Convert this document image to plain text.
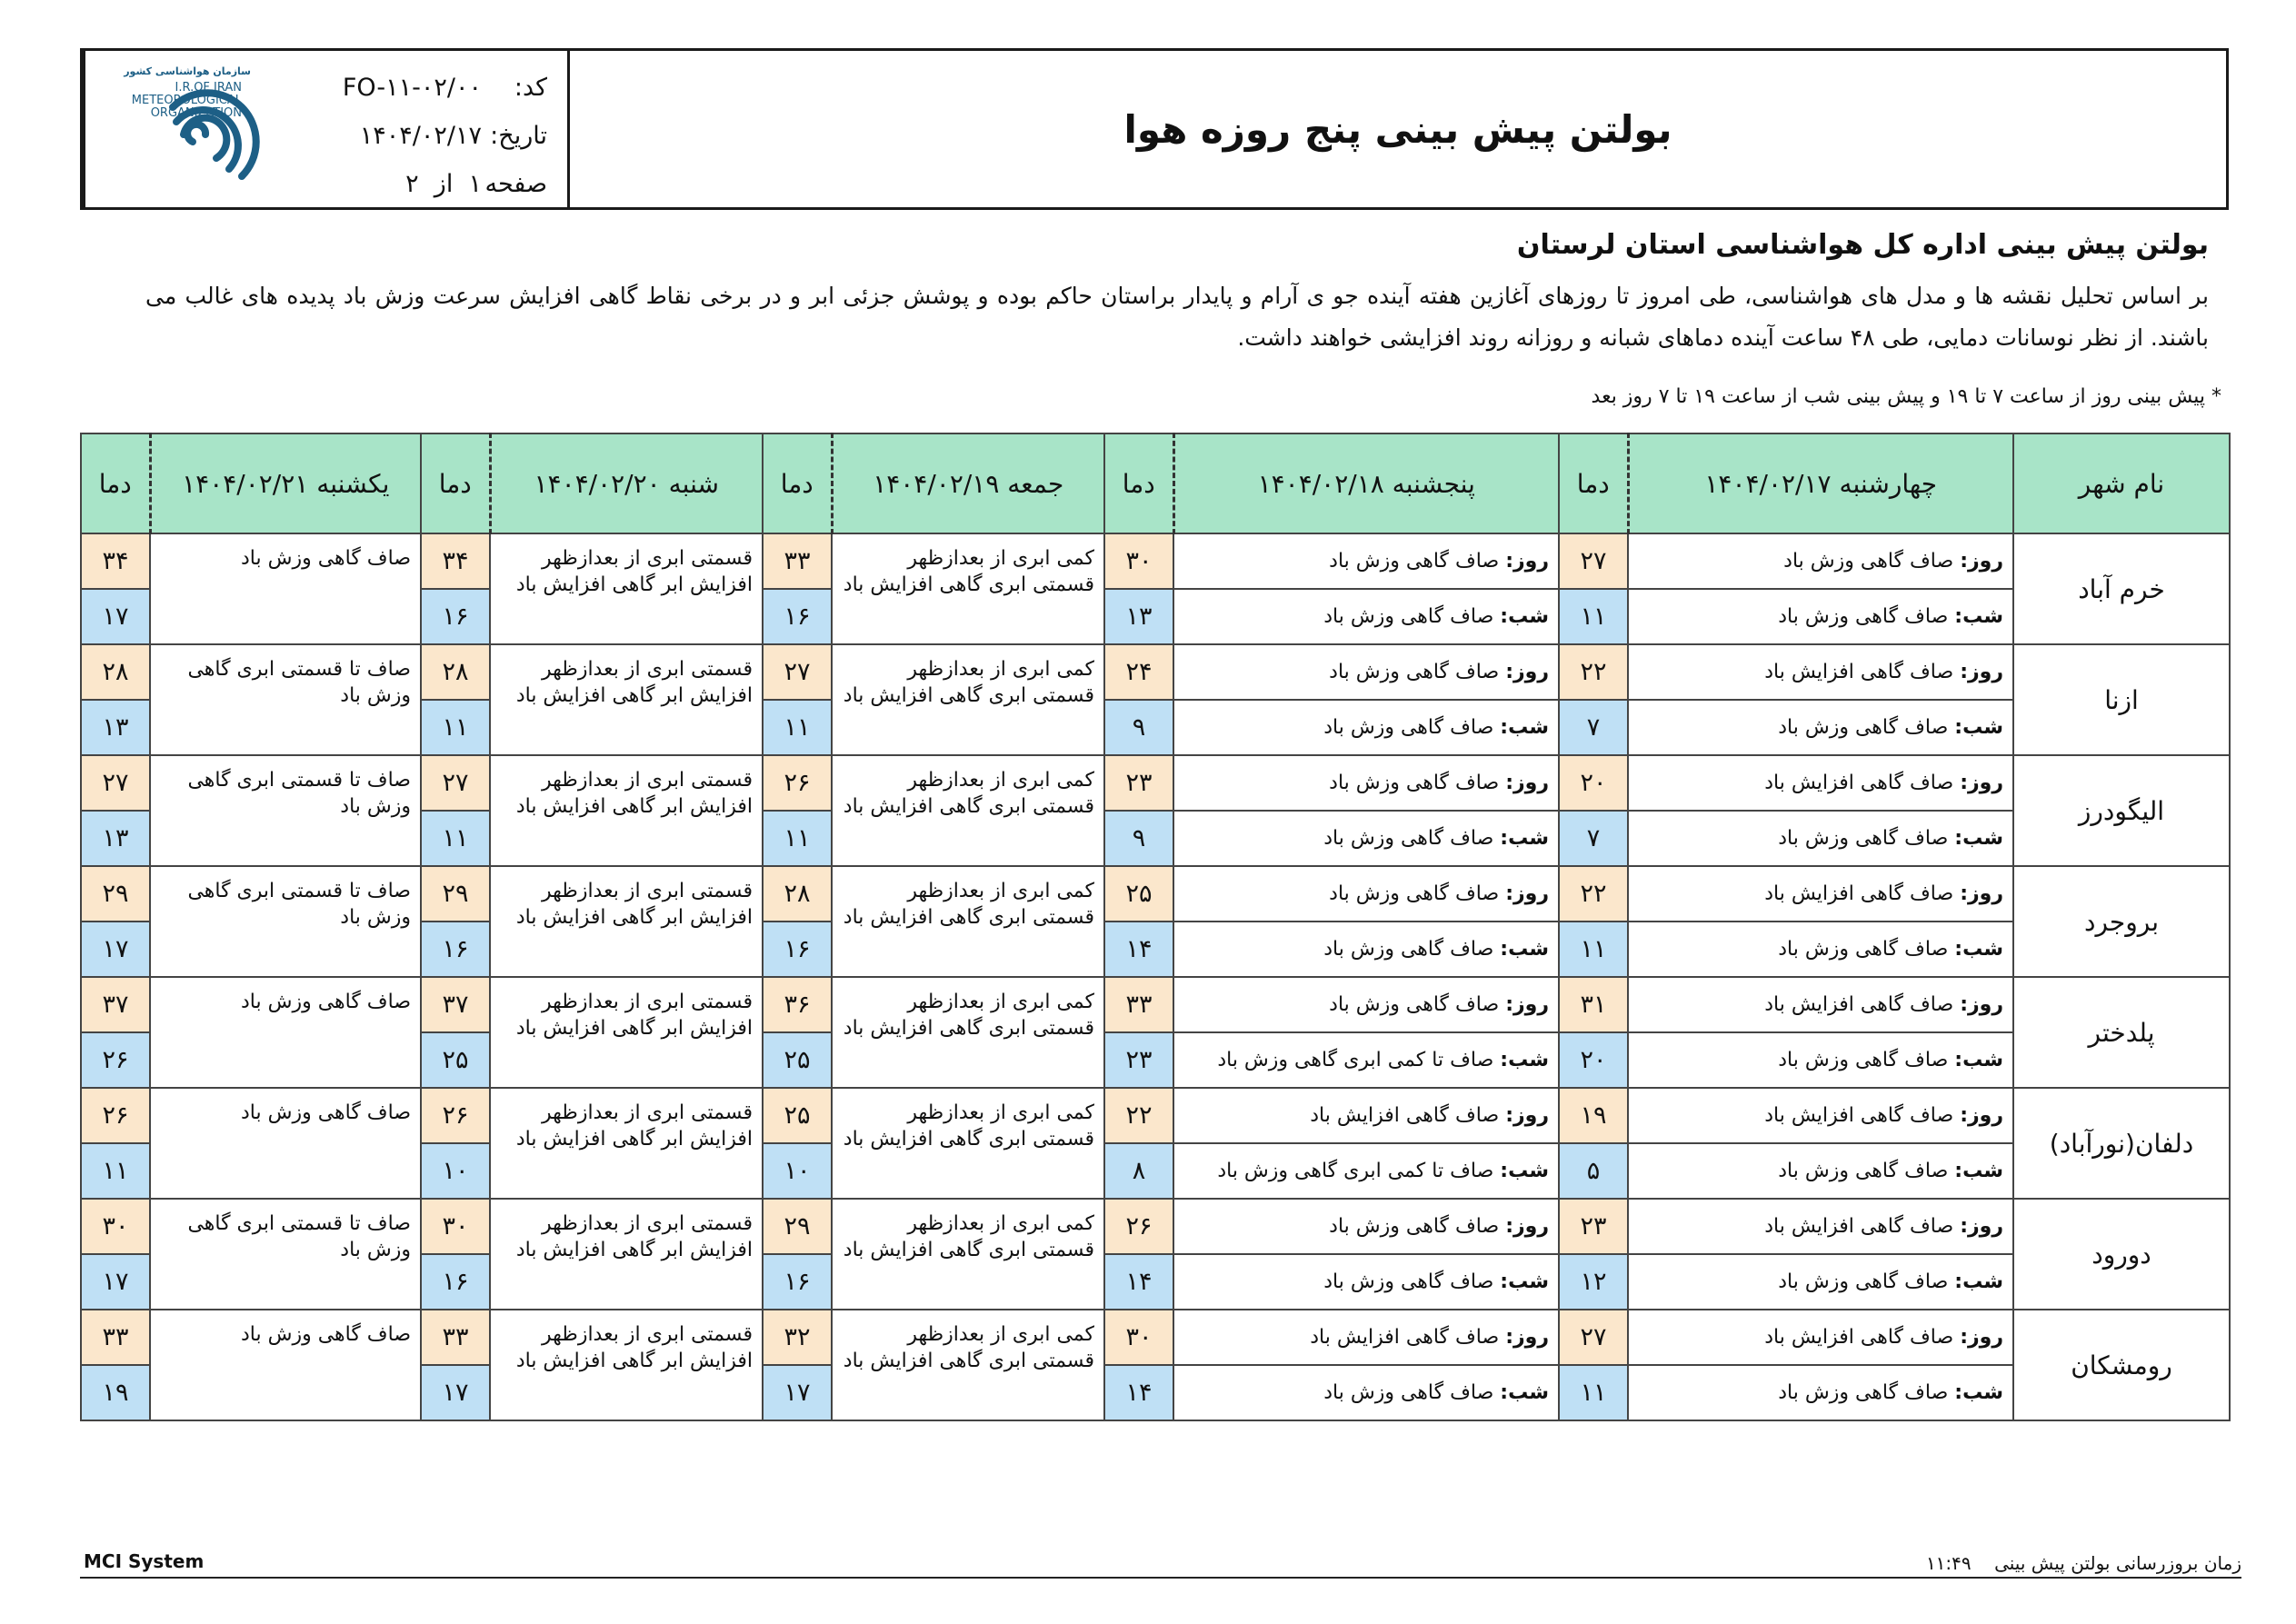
کد:
FO-۱۱-۰۲/۰۰
تاریخ:
۱۴۰۴/۰۲/۱۷
صفحه
۱  از  ۲
بولتن پیش بینی پنج روزه هوا
سازمان هواشناسی کشور
I.R.OF IRAN
METEOROLOGICAL
ORGANIZATION
بولتن پیش بینی اداره کل هواشناسی استان لرستان
بر اساس تحلیل نقشه ها و مدل های هواشناسی، طی امروز تا روزهای آغازین هفته آینده جو ی آرام و پایدار براستان حاکم بوده و پوشش جزئی ابر و در برخی نقاط گاهی افزایش سرعت وزش باد پدیده های غالب می باشند. از نظر نوسانات دمایی، طی ۴۸ ساعت آینده دماهای شبانه و روزانه روند افزایشی خواهند داشت.
* پیش بینی روز از ساعت ۷ تا ۱۹ و پیش بینی شب از ساعت ۱۹ تا ۷ روز بعد
نام شهر	چهارشنبه ۱۴۰۴/۰۲/۱۷	دما	پنجشنبه ۱۴۰۴/۰۲/۱۸	دما	جمعه ۱۴۰۴/۰۲/۱۹	دما	شنبه ۱۴۰۴/۰۲/۲۰	دما	یکشنبه ۱۴۰۴/۰۲/۲۱	دما
خرم آباد	روز: صاف گاهی وزش باد	۲۷	روز: صاف گاهی وزش باد	۳۰	کمی ابری از بعدازظهر قسمتی ابری گاهی افزایش باد	۳۳	قسمتی ابری از بعدازظهر افزایش ابر گاهی افزایش باد	۳۴	صاف گاهی وزش باد	۳۴
	شب: صاف گاهی وزش باد	۱۱	شب: صاف گاهی وزش باد	۱۳		۱۶		۱۶		۱۷
ازنا	روز: صاف گاهی افزایش باد	۲۲	روز: صاف گاهی وزش باد	۲۴	کمی ابری از بعدازظهر قسمتی ابری گاهی افزایش باد	۲۷	قسمتی ابری از بعدازظهر افزایش ابر گاهی افزایش باد	۲۸	صاف تا قسمتی ابری گاهی وزش باد	۲۸
	شب: صاف گاهی وزش باد	۷	شب: صاف گاهی وزش باد	۹		۱۱		۱۱		۱۳
الیگودرز	روز: صاف گاهی افزایش باد	۲۰	روز: صاف گاهی وزش باد	۲۳	کمی ابری از بعدازظهر قسمتی ابری گاهی افزایش باد	۲۶	قسمتی ابری از بعدازظهر افزایش ابر گاهی افزایش باد	۲۷	صاف تا قسمتی ابری گاهی وزش باد	۲۷
	شب: صاف گاهی وزش باد	۷	شب: صاف گاهی وزش باد	۹		۱۱		۱۱		۱۳
بروجرد	روز: صاف گاهی افزایش باد	۲۲	روز: صاف گاهی وزش باد	۲۵	کمی ابری از بعدازظهر قسمتی ابری گاهی افزایش باد	۲۸	قسمتی ابری از بعدازظهر افزایش ابر گاهی افزایش باد	۲۹	صاف تا قسمتی ابری گاهی وزش باد	۲۹
	شب: صاف گاهی وزش باد	۱۱	شب: صاف گاهی وزش باد	۱۴		۱۶		۱۶		۱۷
پلدختر	روز: صاف گاهی افزایش باد	۳۱	روز: صاف گاهی وزش باد	۳۳	کمی ابری از بعدازظهر قسمتی ابری گاهی افزایش باد	۳۶	قسمتی ابری از بعدازظهر افزایش ابر گاهی افزایش باد	۳۷	صاف گاهی وزش باد	۳۷
	شب: صاف گاهی وزش باد	۲۰	شب: صاف تا کمی ابری گاهی وزش باد	۲۳		۲۵		۲۵		۲۶
دلفان(نورآباد)	روز: صاف گاهی افزایش باد	۱۹	روز: صاف گاهی افزایش باد	۲۲	کمی ابری از بعدازظهر قسمتی ابری گاهی افزایش باد	۲۵	قسمتی ابری از بعدازظهر افزایش ابر گاهی افزایش باد	۲۶	صاف گاهی وزش باد	۲۶
	شب: صاف گاهی وزش باد	۵	شب: صاف تا کمی ابری گاهی وزش باد	۸		۱۰		۱۰		۱۱
دورود	روز: صاف گاهی افزایش باد	۲۳	روز: صاف گاهی وزش باد	۲۶	کمی ابری از بعدازظهر قسمتی ابری گاهی افزایش باد	۲۹	قسمتی ابری از بعدازظهر افزایش ابر گاهی افزایش باد	۳۰	صاف تا قسمتی ابری گاهی وزش باد	۳۰
	شب: صاف گاهی وزش باد	۱۲	شب: صاف گاهی وزش باد	۱۴		۱۶		۱۶		۱۷
رومشکان	روز: صاف گاهی افزایش باد	۲۷	روز: صاف گاهی افزایش باد	۳۰	کمی ابری از بعدازظهر قسمتی ابری گاهی افزایش باد	۳۲	قسمتی ابری از بعدازظهر افزایش ابر گاهی افزایش باد	۳۳	صاف گاهی وزش باد	۳۳
	شب: صاف گاهی وزش باد	۱۱	شب: صاف گاهی وزش باد	۱۴		۱۷		۱۷		۱۹
MCI System	زمان بروزرسانی بولتن پیش بینی    ۱۱:۴۹
